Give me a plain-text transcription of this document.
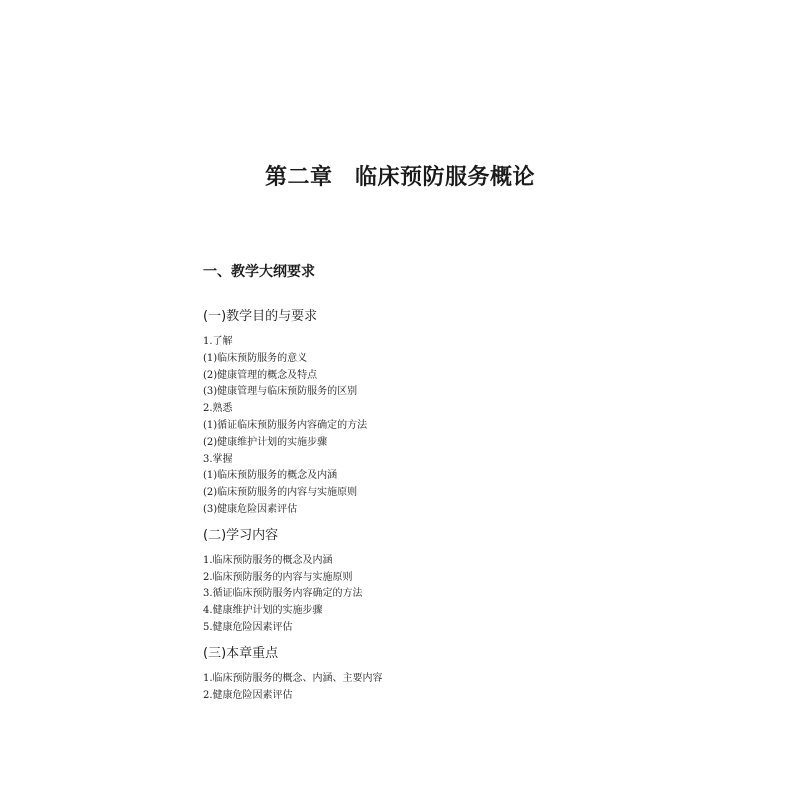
第二章　临床预防服务概论
一、教学大纲要求
(一)教学目的与要求
1.了解
(1)临床预防服务的意义
(2)健康管理的概念及特点
(3)健康管理与临床预防服务的区别
2.熟悉
(1)循证临床预防服务内容确定的方法
(2)健康维护计划的实施步骤
3.掌握
(1)临床预防服务的概念及内涵
(2)临床预防服务的内容与实施原则
(3)健康危险因素评估
(二)学习内容
1.临床预防服务的概念及内涵
2.临床预防服务的内容与实施原则
3.循证临床预防服务内容确定的方法
4.健康维护计划的实施步骤
5.健康危险因素评估
(三)本章重点
1.临床预防服务的概念、内涵、主要内容
2.健康危险因素评估
